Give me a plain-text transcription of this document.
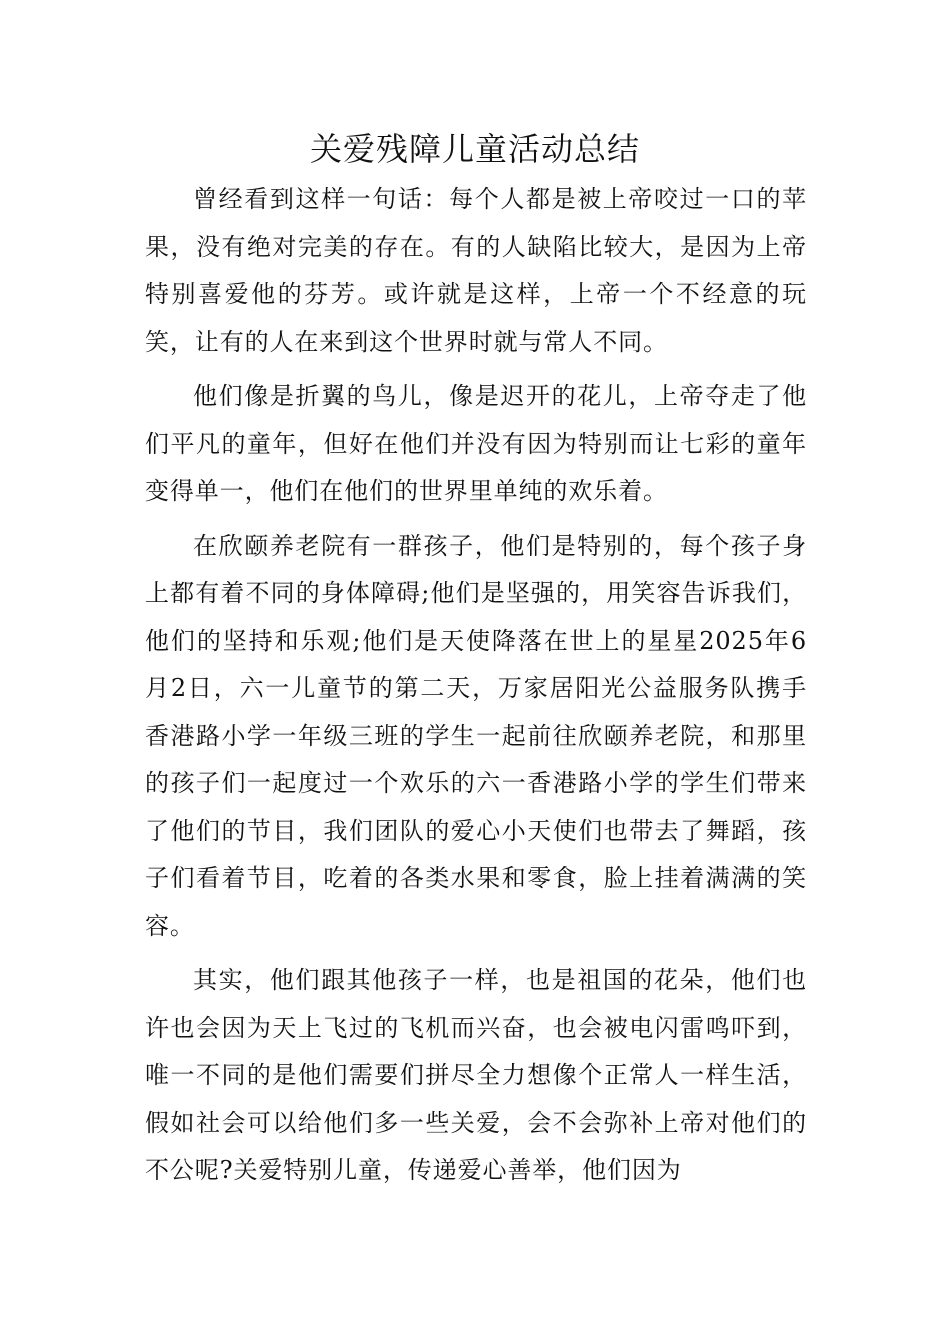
关爱残障儿童活动总结

曾经看到这样一句话：每个人都是被上帝咬过一口的苹果，没有绝对完美的存在。有的人缺陷比较大，是因为上帝特别喜爱他的芬芳。或许就是这样，上帝一个不经意的玩笑，让有的人在来到这个世界时就与常人不同。

他们像是折翼的鸟儿，像是迟开的花儿，上帝夺走了他们平凡的童年，但好在他们并没有因为特别而让七彩的童年变得单一，他们在他们的世界里单纯的欢乐着。

在欣颐养老院有一群孩子，他们是特别的，每个孩子身上都有着不同的身体障碍;他们是坚强的，用笑容告诉我们，他们的坚持和乐观;他们是天使降落在世上的星星2025年6月2日，六一儿童节的第二天，万家居阳光公益服务队携手香港路小学一年级三班的学生一起前往欣颐养老院，和那里的孩子们一起度过一个欢乐的六一香港路小学的学生们带来了他们的节目，我们团队的爱心小天使们也带去了舞蹈，孩子们看着节目，吃着的各类水果和零食，脸上挂着满满的笑容。

其实，他们跟其他孩子一样，也是祖国的花朵，他们也许也会因为天上飞过的飞机而兴奋，也会被电闪雷鸣吓到，唯一不同的是他们需要们拼尽全力想像个正常人一样生活，假如社会可以给他们多一些关爱，会不会弥补上帝对他们的不公呢?关爱特别儿童，传递爱心善举，他们因为
